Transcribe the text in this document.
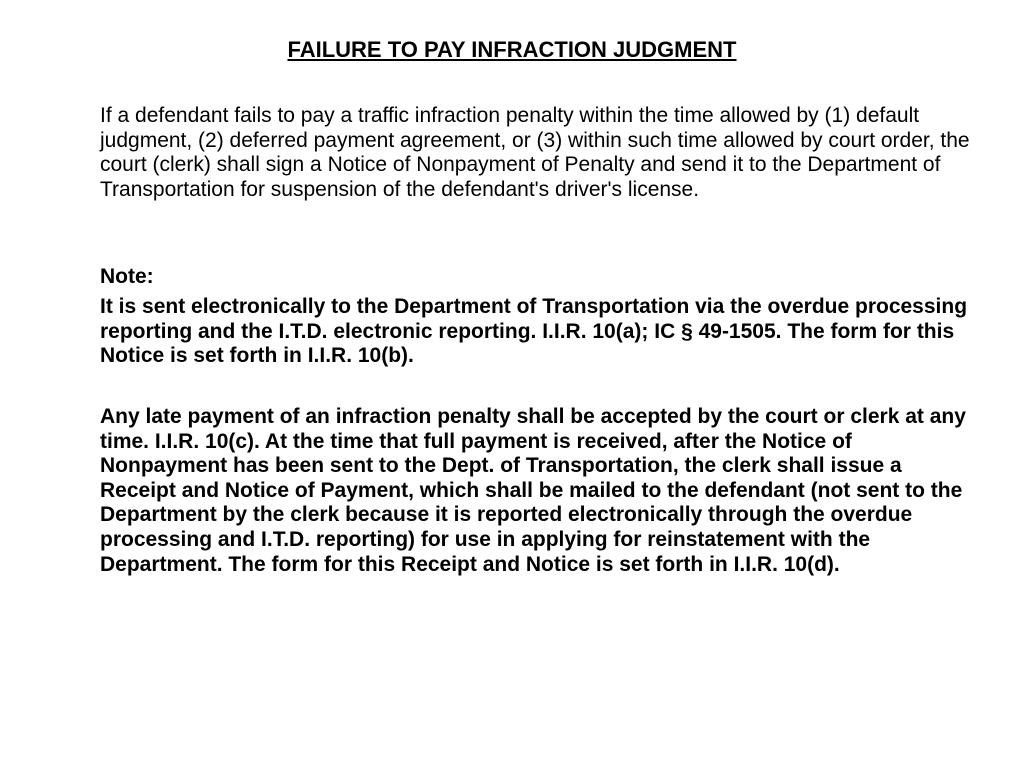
FAILURE TO PAY INFRACTION JUDGMENT

If a defendant fails to pay a traffic infraction penalty within the time allowed by (1) default judgment, (2) deferred payment agreement, or (3) within such time allowed by court order, the court (clerk) shall sign a Notice of Nonpayment of Penalty and send it to the Department of Transportation for suspension of the defendant's driver's license.

Note:

It is sent electronically to the Department of Transportation via the overdue processing reporting and the I.T.D. electronic reporting. I.I.R. 10(a); IC § 49-1505. The form for this Notice is set forth in I.I.R. 10(b).

Any late payment of an infraction penalty shall be accepted by the court or clerk at any time. I.I.R. 10(c). At the time that full payment is received, after the Notice of Nonpayment has been sent to the Dept. of Transportation, the clerk shall issue a Receipt and Notice of Payment, which shall be mailed to the defendant (not sent to the Department by the clerk because it is reported electronically through the overdue processing and I.T.D. reporting) for use in applying for reinstatement with the Department. The form for this Receipt and Notice is set forth in I.I.R. 10(d).
